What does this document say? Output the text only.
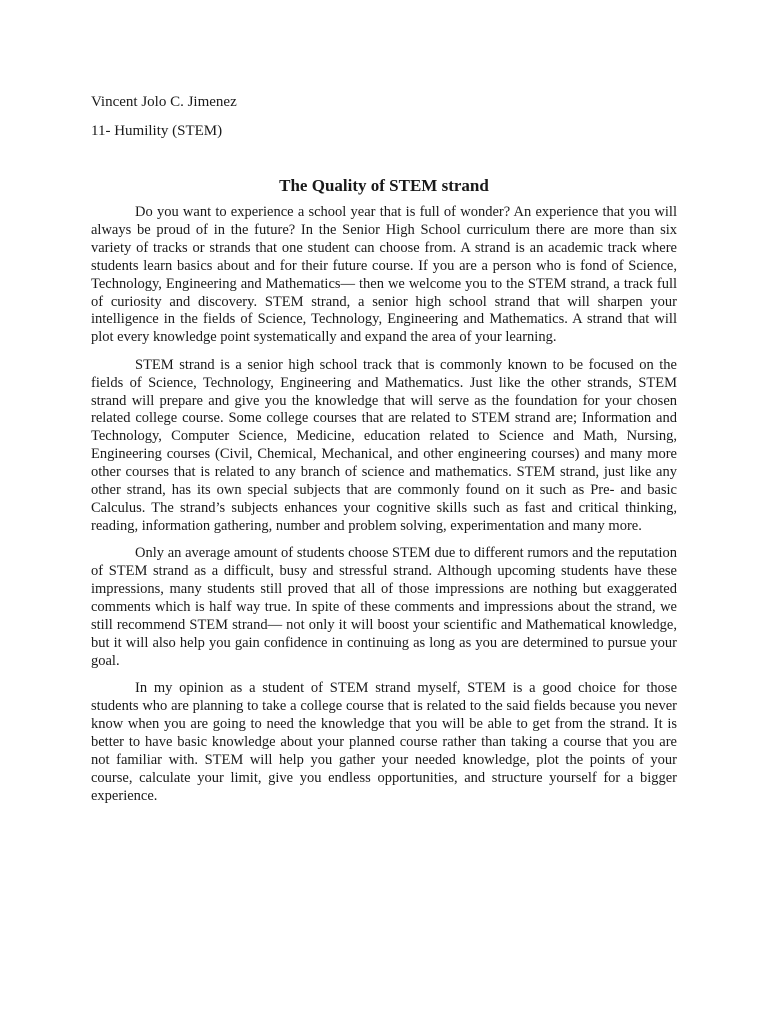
Vincent Jolo C. Jimenez

11- Humility (STEM)

The Quality of STEM strand

Do you want to experience a school year that is full of wonder? An experience that you will always be proud of in the future? In the Senior High School curriculum there are more than six variety of tracks or strands that one student can choose from. A strand is an academic track where students learn basics about and for their future course. If you are a person who is fond of Science, Technology, Engineering and Mathematics— then we welcome you to the STEM strand, a track full of curiosity and discovery. STEM strand, a senior high school strand that will sharpen your intelligence in the fields of Science, Technology, Engineering and Mathematics. A strand that will plot every knowledge point systematically and expand the area of your learning.

STEM strand is a senior high school track that is commonly known to be focused on the fields of Science, Technology, Engineering and Mathematics. Just like the other strands, STEM strand will prepare and give you the knowledge that will serve as the foundation for your chosen related college course. Some college courses that are related to STEM strand are; Information and Technology, Computer Science, Medicine, education related to Science and Math, Nursing, Engineering courses (Civil, Chemical, Mechanical, and other engineering courses) and many more other courses that is related to any branch of science and mathematics. STEM strand, just like any other strand, has its own special subjects that are commonly found on it such as Pre- and basic Calculus. The strand’s subjects enhances your cognitive skills such as fast and critical thinking, reading, information gathering, number and problem solving, experimentation and many more.

Only an average amount of students choose STEM due to different rumors and the reputation of STEM strand as a difficult, busy and stressful strand. Although upcoming students have these impressions, many students still proved that all of those impressions are nothing but exaggerated comments which is half way true. In spite of these comments and impressions about the strand, we still recommend STEM strand— not only it will boost your scientific and Mathematical knowledge, but it will also help you gain confidence in continuing as long as you are determined to pursue your goal.

In my opinion as a student of STEM strand myself, STEM is a good choice for those students who are planning to take a college course that is related to the said fields because you never know when you are going to need the knowledge that you will be able to get from the strand. It is better to have basic knowledge about your planned course rather than taking a course that you are not familiar with. STEM will help you gather your needed knowledge, plot the points of your course, calculate your limit, give you endless opportunities, and structure yourself for a bigger experience.
